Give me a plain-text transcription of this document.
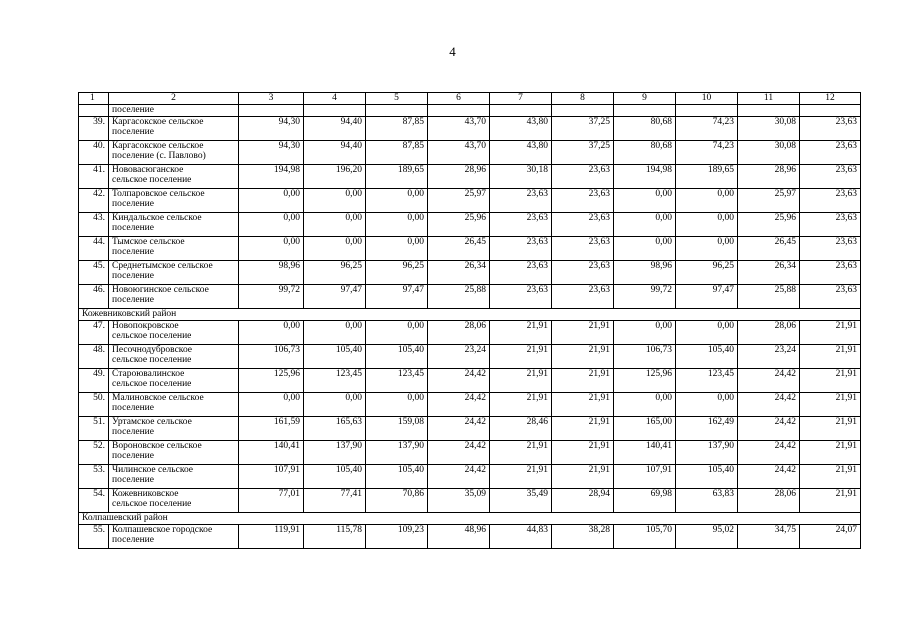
4
1	2	3	4	5	6	7	8	9	10	11	12
	поселение										
39.	Каргасокское сельское
поселение	94,30	94,40	87,85	43,70	43,80	37,25	80,68	74,23	30,08	23,63
40.	Каргасокское сельское
поселение (с. Павлово)	94,30	94,40	87,85	43,70	43,80	37,25	80,68	74,23	30,08	23,63
41.	Нововасюганское
сельское поселение	194,98	196,20	189,65	28,96	30,18	23,63	194,98	189,65	28,96	23,63
42.	Толпаровское сельское
поселение	0,00	0,00	0,00	25,97	23,63	23,63	0,00	0,00	25,97	23,63
43.	Киндальское сельское
поселение	0,00	0,00	0,00	25,96	23,63	23,63	0,00	0,00	25,96	23,63
44.	Тымское сельское
поселение	0,00	0,00	0,00	26,45	23,63	23,63	0,00	0,00	26,45	23,63
45.	Среднетымское сельское
поселение	98,96	96,25	96,25	26,34	23,63	23,63	98,96	96,25	26,34	23,63
46.	Новоюгинское сельское
поселение	99,72	97,47	97,47	25,88	23,63	23,63	99,72	97,47	25,88	23,63
Кожевниковский район											
47.	Новопокровское
сельское поселение	0,00	0,00	0,00	28,06	21,91	21,91	0,00	0,00	28,06	21,91
48.	Песочнодубровское
сельское поселение	106,73	105,40	105,40	23,24	21,91	21,91	106,73	105,40	23,24	21,91
49.	Староювалинское
сельское поселение	125,96	123,45	123,45	24,42	21,91	21,91	125,96	123,45	24,42	21,91
50.	Малиновское сельское
поселение	0,00	0,00	0,00	24,42	21,91	21,91	0,00	0,00	24,42	21,91
51.	Уртамское сельское
поселение	161,59	165,63	159,08	24,42	28,46	21,91	165,00	162,49	24,42	21,91
52.	Вороновское сельское
поселение	140,41	137,90	137,90	24,42	21,91	21,91	140,41	137,90	24,42	21,91
53.	Чилинское сельское
поселение	107,91	105,40	105,40	24,42	21,91	21,91	107,91	105,40	24,42	21,91
54.	Кожевниковское
сельское поселение	77,01	77,41	70,86	35,09	35,49	28,94	69,98	63,83	28,06	21,91
Колпашевский район											
55.	Колпашевское городское
поселение	119,91	115,78	109,23	48,96	44,83	38,28	105,70	95,02	34,75	24,07
